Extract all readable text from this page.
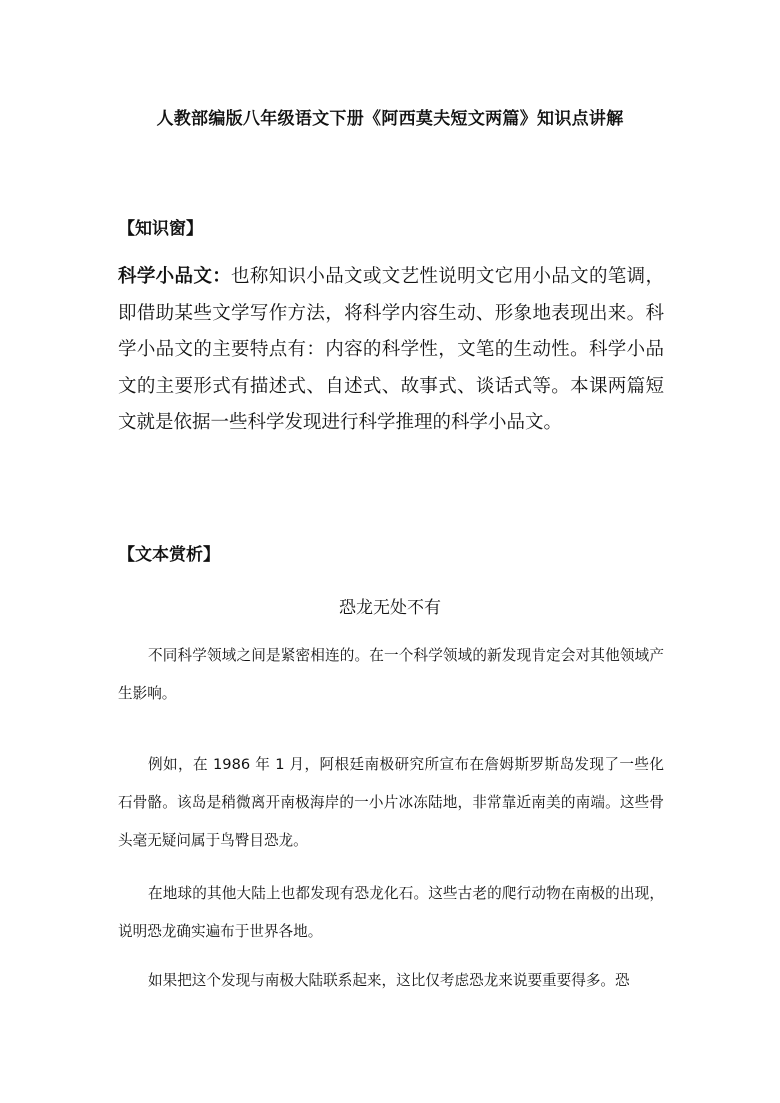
人教部编版八年级语文下册《阿西莫夫短文两篇》知识点讲解
【知识窗】

科学小品文：也称知识小品文或文艺性说明文它用小品文的笔调，即借助某些文学写作方法，将科学内容生动、形象地表现出来。科学小品文的主要特点有：内容的科学性，文笔的生动性。科学小品文的主要形式有描述式、自述式、故事式、谈话式等。本课两篇短文就是依据一些科学发现进行科学推理的科学小品文。

【文本赏析】
恐龙无处不有

不同科学领域之间是紧密相连的。在一个科学领域的新发现肯定会对其他领域产生影响。

例如，在 1986 年 1 月，阿根廷南极研究所宣布在詹姆斯罗斯岛发现了一些化石骨骼。该岛是稍微离开南极海岸的一小片冰冻陆地，非常靠近南美的南端。这些骨头毫无疑问属于鸟臀目恐龙。

在地球的其他大陆上也都发现有恐龙化石。这些古老的爬行动物在南极的出现，说明恐龙确实遍布于世界各地。

如果把这个发现与南极大陆联系起来，这比仅考虑恐龙来说要重要得多。恐
